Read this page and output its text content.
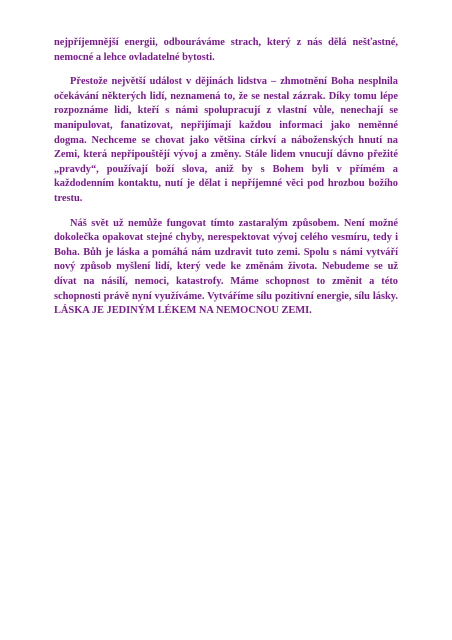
nejpříjemnější energii, odbouráváme strach, který z nás dělá nešťastné, nemocné a lehce ovladatelné bytosti.

Přestože největší událost v dějinách lidstva – zhmotnění Boha nesplnila očekávání některých lidí, neznamená to, že se nestal zázrak. Díky tomu lépe rozpoznáme lidi, kteří s námi spolupracují z vlastní vůle, nenechají se manipulovat, fanatizovat, nepřijímají každou informaci jako neměnné dogma. Nechceme se chovat jako většina církví a náboženských hnutí na Zemi, která nepřipouštějí vývoj a změny. Stále lidem vnucují dávno přežité „pravdy“, používají boží slova, aniž by s Bohem byli v přímém a každodenním kontaktu, nutí je dělat i nepříjemné věci pod hrozbou božího trestu.

Náš svět už nemůže fungovat tímto zastaralým způsobem. Není možné dokolečka opakovat stejné chyby, nerespektovat vývoj celého vesmíru, tedy i Boha. Bůh je láska a pomáhá nám uzdravit tuto zemi. Spolu s námi vytváří nový způsob myšlení lidí, který vede ke změnám života. Nebudeme se už dívat na násilí, nemoci, katastrofy. Máme schopnost to změnit a této schopnosti právě nyní využíváme. Vytváříme sílu pozitivní energie, sílu lásky. LÁSKA JE JEDINÝM LÉKEM NA NEMOCNOU ZEMI.
